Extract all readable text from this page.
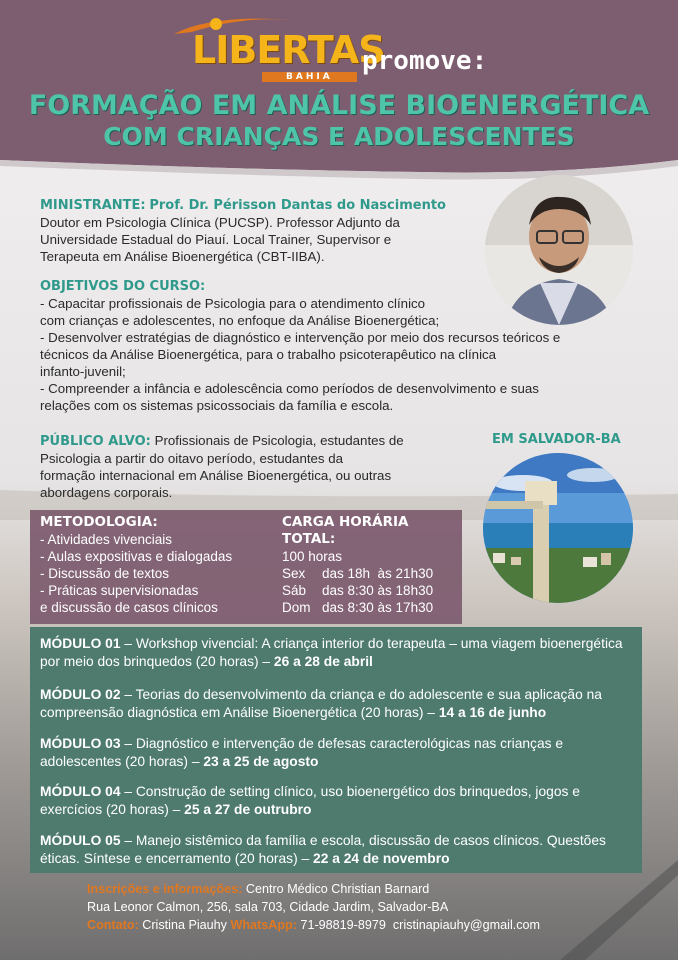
LIBERTAS
BAHIA
promove:
FORMAÇÃO EM ANÁLISE BIOENERGÉTICA
COM CRIANÇAS E ADOLESCENTES
MINISTRANTE: Prof. Dr. Périsson Dantas do Nascimento
Doutor em Psicologia Clínica (PUCSP). Professor Adjunto da
Universidade Estadual do Piauí. Local Trainer, Supervisor e
Terapeuta em Análise Bioenergética (CBT-IIBA).
OBJETIVOS DO CURSO:
- Capacitar profissionais de Psicologia para o atendimento clínico
com crianças e adolescentes, no enfoque da Análise Bioenergética;
- Desenvolver estratégias de diagnóstico e intervenção por meio dos recursos teóricos e
técnicos da Análise Bioenergética, para o trabalho psicoterapêutico na clínica
infanto-juvenil;
- Compreender a infância e adolescência como períodos de desenvolvimento e suas
relações com os sistemas psicossociais da família e escola.
PÚBLICO ALVO: Profissionais de Psicologia, estudantes de
Psicologia a partir do oitavo período, estudantes da
formação internacional em Análise Bioenergética, ou outras
abordagens corporais.
EM SALVADOR-BA
METODOLOGIA:
- Atividades vivenciais
- Aulas expositivas e dialogadas
- Discussão de textos
- Práticas supervisionadas
e discussão de casos clínicos
CARGA HORÁRIA
TOTAL:
100 horas
Sex das 18h  às 21h30
Sáb das 8:30 às 18h30
Dom das 8:30 às 17h30
MÓDULO 01 – Workshop vivencial: A criança interior do terapeuta – uma viagem bioenergética por meio dos brinquedos (20 horas) – 26 a 28 de abril
MÓDULO 02 – Teorias do desenvolvimento da criança e do adolescente e sua aplicação na compreensão diagnóstica em Análise Bioenergética (20 horas) – 14 a 16 de junho
MÓDULO 03 – Diagnóstico e intervenção de defesas caracterológicas nas crianças e adolescentes (20 horas) – 23 a 25 de agosto
MÓDULO 04 – Construção de setting clínico, uso bioenergético dos brinquedos, jogos e exercícios (20 horas) – 25 a 27 de outrubro
MÓDULO 05 – Manejo sistêmico da família e escola, discussão de casos clínicos. Questões éticas. Síntese e encerramento (20 horas) – 22 a 24 de novembro
Inscrições e informações: Centro Médico Christian Barnard
Rua Leonor Calmon, 256, sala 703, Cidade Jardim, Salvador-BA
Contato: Cristina Piauhy WhatsApp: 71-98819-8979  cristinapiauhy@gmail.com
